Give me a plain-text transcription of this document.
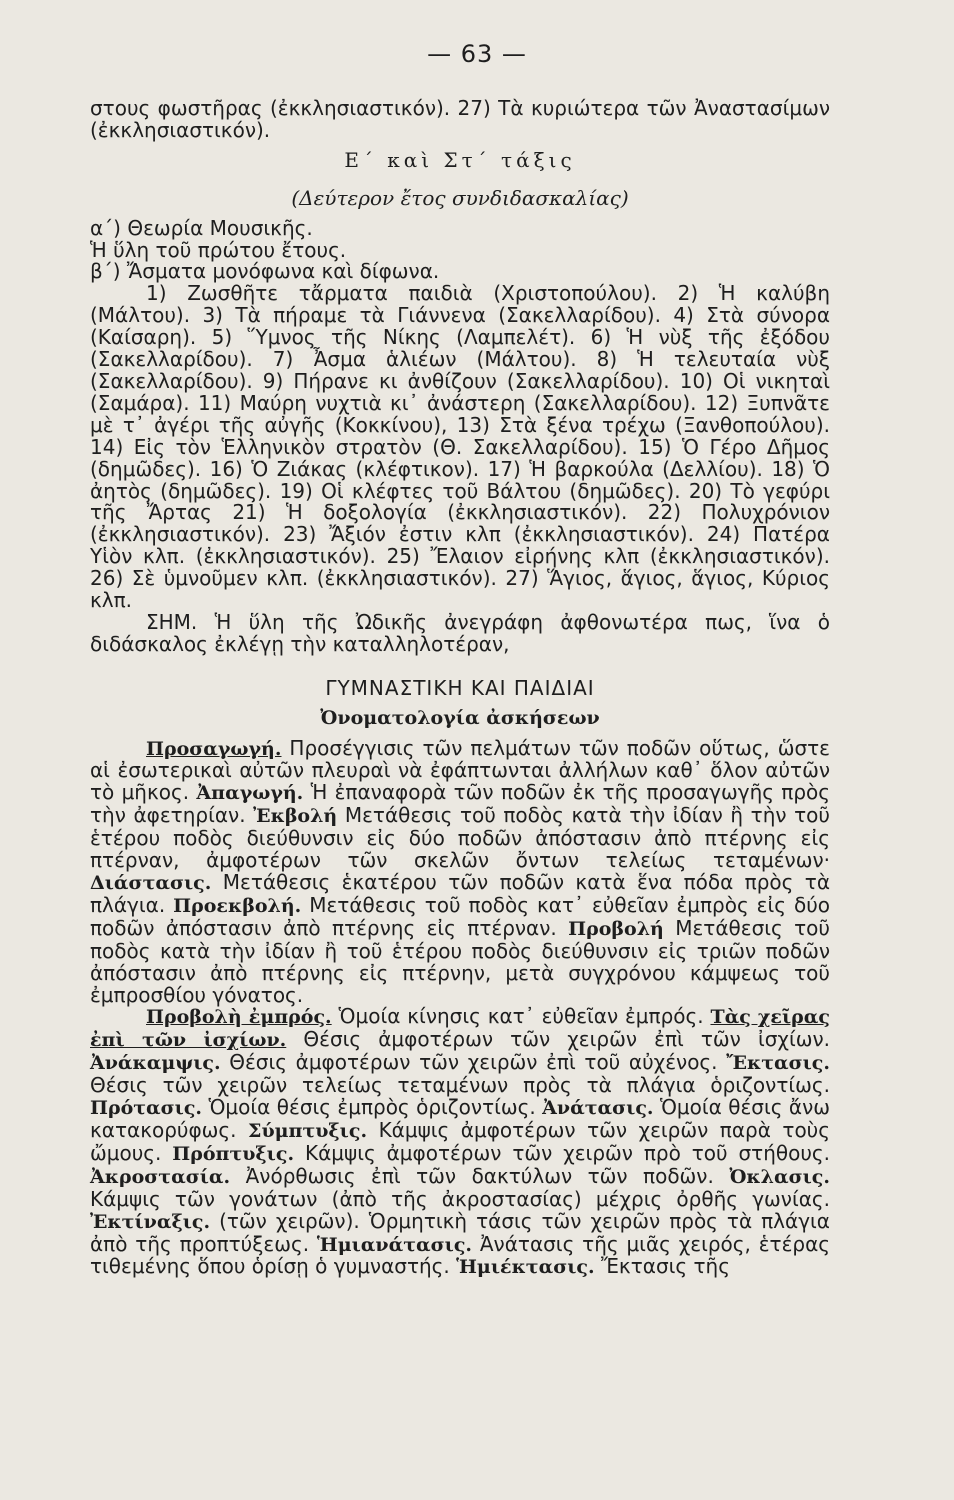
— 63 —

στους φωστῆρας (ἐκκλησιαστικόν). 27) Τὰ κυριώτερα τῶν Ἀναστασίμων (ἐκκλησιαστικόν).

Ε΄ καὶ Στ΄ τάξις

(Δεύτερον ἔτος συνδιδασκαλίας)

α΄) Θεωρία Μουσικῆς.

Ἡ ὕλη τοῦ πρώτου ἔτους.

β΄) Ἄσματα μονόφωνα καὶ δίφωνα.

1) Ζωσθῆτε τἄρματα παιδιὰ (Χριστοπούλου). 2) Ἡ καλύβη (Μάλτου). 3) Τὰ πήραμε τὰ Γιάννενα (Σακελλαρίδου). 4) Στὰ σύνορα (Καίσαρη). 5) Ὕμνος τῆς Νίκης (Λαμπελέτ). 6) Ἡ νὺξ τῆς ἐξόδου (Σακελλαρίδου). 7) Ἆσμα ἁλιέων (Μάλτου). 8) Ἡ τελευταία νὺξ (Σακελλαρίδου). 9) Πήρανε κι ἀνθίζουν (Σακελλαρίδου). 10) Οἱ νικηταὶ (Σαμάρα). 11) Μαύρη νυχτιὰ κι᾿ ἀνάστερη (Σακελλαρίδου). 12) Ξυπνᾶτε μὲ τ᾿ ἀγέρι τῆς αὐγῆς (Κοκκίνου), 13) Στὰ ξένα τρέχω (Ξανθοπούλου). 14) Εἰς τὸν Ἑλληνικὸν στρατὸν (Θ. Σακελλαρίδου). 15) Ὁ Γέρο Δῆμος (δημῶδες). 16) Ὁ Ζιάκας (κλέφτικον). 17) Ἡ βαρκούλα (Δελλίου). 18) Ὁ ἀητὸς (δημῶδες). 19) Οἱ κλέφτες τοῦ Βάλτου (δημῶδες). 20) Τὸ γεφύρι τῆς Ἄρτας 21) Ἡ δοξολογία (ἐκκλησιαστικόν). 22) Πολυχρόνιον (ἐκκλησιαστικόν). 23) Ἄξιόν ἐστιν κλπ (ἐκκλησιαστικόν). 24) Πατέρα Υἱὸν κλπ. (ἐκκλησιαστικόν). 25) Ἔλαιον εἰρήνης κλπ (ἐκκλησιαστικόν). 26) Σὲ ὑμνοῦμεν κλπ. (ἐκκλησιαστικόν). 27) Ἅγιος, ἅγιος, ἅγιος, Κύριος κλπ.

ΣΗΜ. Ἡ ὕλη τῆς Ὠδικῆς ἀνεγράφη ἀφθονωτέρα πως, ἵνα ὁ διδάσκαλος ἐκλέγῃ τὴν καταλληλοτέραν,

ΓΥΜΝΑΣΤΙΚΗ ΚΑΙ ΠΑΙΔΙΑΙ

Ὀνοματολογία ἀσκήσεων

Προσαγωγή. Προσέγγισις τῶν πελμάτων τῶν ποδῶν οὕτως, ὥστε αἱ ἐσωτερικαὶ αὐτῶν πλευραὶ νὰ ἐφάπτωνται ἀλλήλων καθ᾿ ὅλον αὐτῶν τὸ μῆκος. Ἀπαγωγή. Ἡ ἐπαναφορὰ τῶν ποδῶν ἐκ τῆς προσαγωγῆς πρὸς τὴν ἀφετηρίαν. Ἐκβολή Μετάθεσις τοῦ ποδὸς κατὰ τὴν ἰδίαν ἢ τὴν τοῦ ἑτέρου ποδὸς διεύθυνσιν εἰς δύο ποδῶν ἀπόστασιν ἀπὸ πτέρνης εἰς πτέρναν, ἀμφοτέρων τῶν σκελῶν ὄντων τελείως τεταμένων· Διάστασις. Μετάθεσις ἑκατέρου τῶν ποδῶν κατὰ ἕνα πόδα πρὸς τὰ πλάγια. Προεκβολή. Μετάθεσις τοῦ ποδὸς κατ᾿ εὐθεῖαν ἐμπρὸς εἰς δύο ποδῶν ἀπόστασιν ἀπὸ πτέρνης εἰς πτέρναν. Προβολή Μετάθεσις τοῦ ποδὸς κατὰ τὴν ἰδίαν ἢ τοῦ ἑτέρου ποδὸς διεύθυνσιν εἰς τριῶν ποδῶν ἀπόστασιν ἀπὸ πτέρνης εἰς πτέρνην, μετὰ συγχρόνου κάμψεως τοῦ ἐμπροσθίου γόνατος.

Προβολὴ ἐμπρός. Ὁμοία κίνησις κατ᾿ εὐθεῖαν ἐμπρός. Τὰς χεῖρας ἐπὶ τῶν ἰσχίων. Θέσις ἀμφοτέρων τῶν χειρῶν ἐπὶ τῶν ἰσχίων. Ἀνάκαμψις. Θέσις ἀμφοτέρων τῶν χειρῶν ἐπὶ τοῦ αὐχένος. Ἔκτασις. Θέσις τῶν χειρῶν τελείως τεταμένων πρὸς τὰ πλάγια ὁριζοντίως. Πρότασις. Ὁμοία θέσις ἐμπρὸς ὁριζοντίως. Ἀνάτασις. Ὁμοία θέσις ἄνω κατακορύφως. Σύμπτυξις. Κάμψις ἀμφοτέρων τῶν χειρῶν παρὰ τοὺς ὤμους. Πρόπτυξις. Κάμψις ἀμφοτέρων τῶν χειρῶν πρὸ τοῦ στήθους. Ἀκροστασία. Ἀνόρθωσις ἐπὶ τῶν δακτύλων τῶν ποδῶν. Ὀκλασις. Κάμψις τῶν γονάτων (ἀπὸ τῆς ἀκροστασίας) μέχρις ὀρθῆς γωνίας. Ἐκτίναξις. (τῶν χειρῶν). Ὁρμητικὴ τάσις τῶν χειρῶν πρὸς τὰ πλάγια ἀπὸ τῆς προπτύξεως. Ἡμιανάτασις. Ἀνάτασις τῆς μιᾶς χειρός, ἑτέρας τιθεμένης ὅπου ὁρίσῃ ὁ γυμναστής. Ἡμιέκτασις. Ἔκτασις τῆς
